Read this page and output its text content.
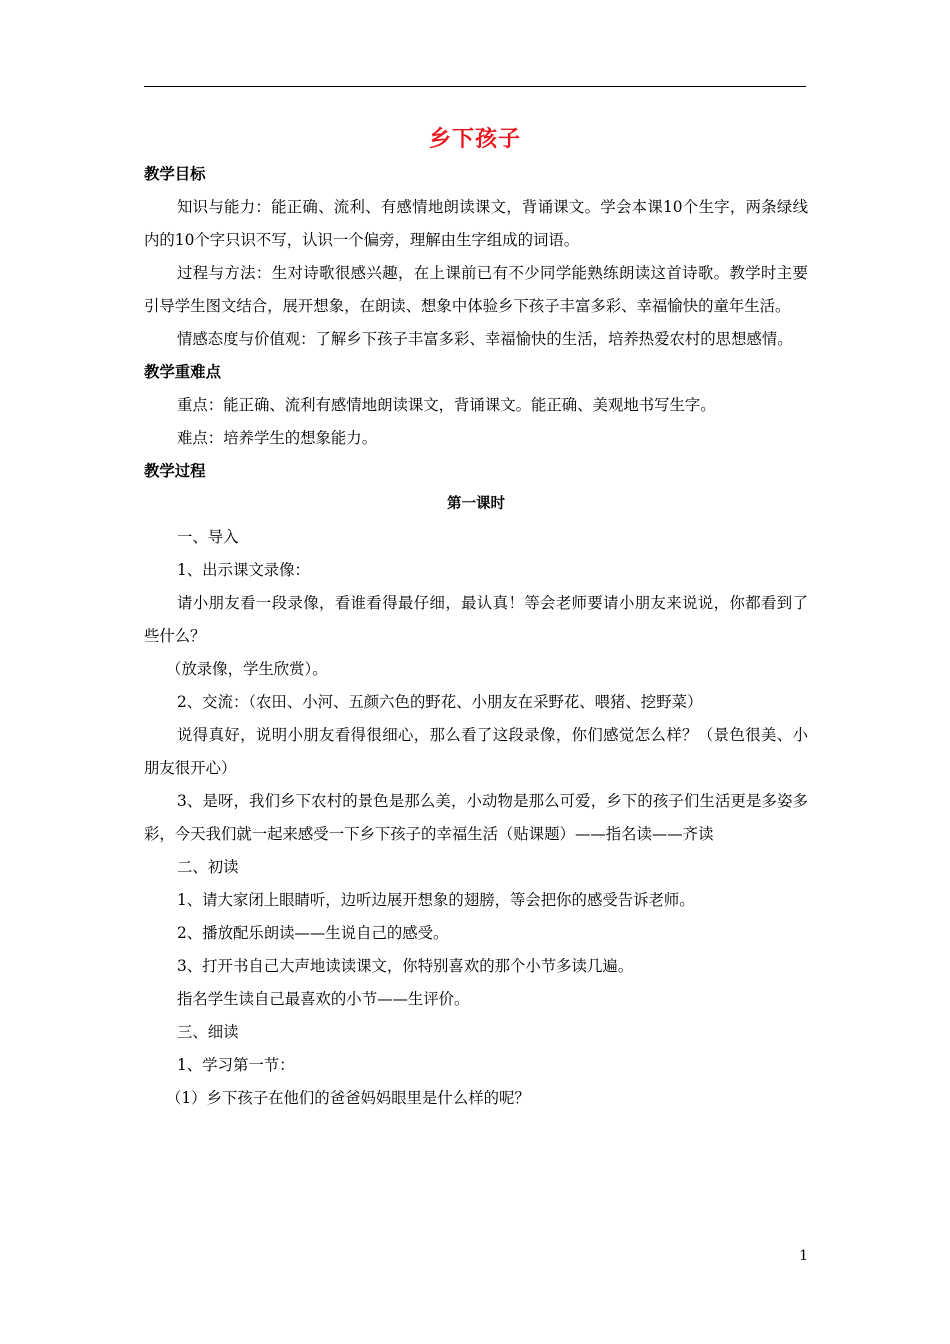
乡下孩子

教学目标

知识与能力：能正确、流利、有感情地朗读课文，背诵课文。学会本课10个生字，两条绿线内的10个字只识不写，认识一个偏旁，理解由生字组成的词语。

过程与方法：生对诗歌很感兴趣，在上课前已有不少同学能熟练朗读这首诗歌。教学时主要引导学生图文结合，展开想象，在朗读、想象中体验乡下孩子丰富多彩、幸福愉快的童年生活。

情感态度与价值观：了解乡下孩子丰富多彩、幸福愉快的生活，培养热爱农村的思想感情。

教学重难点

重点：能正确、流利有感情地朗读课文，背诵课文。能正确、美观地书写生字。

难点：培养学生的想象能力。

教学过程

第一课时

一、导入

1、出示课文录像：

请小朋友看一段录像，看谁看得最仔细，最认真！等会老师要请小朋友来说说，你都看到了些什么？

（放录像，学生欣赏）。

2、交流：（农田、小河、五颜六色的野花、小朋友在采野花、喂猪、挖野菜）

说得真好，说明小朋友看得很细心，那么看了这段录像，你们感觉怎么样？（景色很美、小朋友很开心）

3、是呀，我们乡下农村的景色是那么美，小动物是那么可爱，乡下的孩子们生活更是多姿多彩，今天我们就一起来感受一下乡下孩子的幸福生活（贴课题）——指名读——齐读

二、初读

1、请大家闭上眼睛听，边听边展开想象的翅膀，等会把你的感受告诉老师。

2、播放配乐朗读——生说自己的感受。

3、打开书自己大声地读读课文，你特别喜欢的那个小节多读几遍。

指名学生读自己最喜欢的小节——生评价。

三、细读

1、学习第一节：

（1）乡下孩子在他们的爸爸妈妈眼里是什么样的呢？

1
